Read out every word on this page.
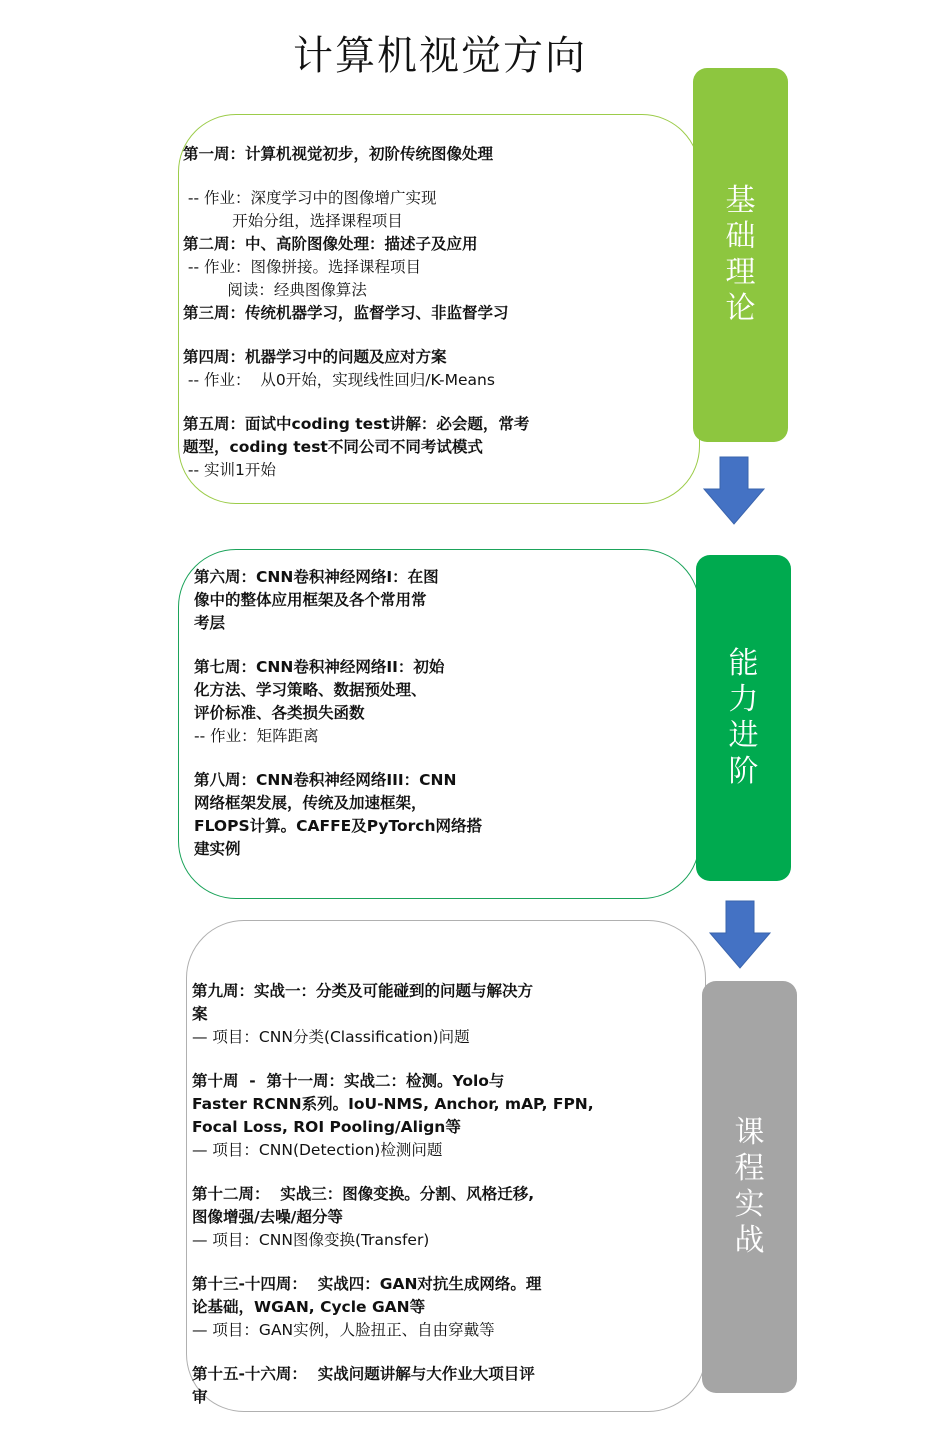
计算机视觉方向
第一周：计算机视觉初步，初阶传统图像处理
-- 作业：深度学习中的图像增广实现
开始分组，选择课程项目
第二周：中、高阶图像处理：描述子及应用
-- 作业：图像拼接。选择课程项目
阅读：经典图像算法
第三周：传统机器学习，监督学习、非监督学习
第四周：机器学习中的问题及应对方案
-- 作业：  从0开始，实现线性回归/K-Means
第五周：面试中coding test讲解：必会题，常考
题型，coding test不同公司不同考试模式
-- 实训1开始
第六周：CNN卷积神经网络I：在图
像中的整体应用框架及各个常用常
考层
第七周：CNN卷积神经网络II：初始
化方法、学习策略、数据预处理、
评价标准、各类损失函数
-- 作业：矩阵距离
第八周：CNN卷积神经网络III：CNN
网络框架发展，传统及加速框架，
FLOPS计算。CAFFE及PyTorch网络搭
建实例
第九周：实战一：分类及可能碰到的问题与解决方
案
— 项目：CNN分类(Classification)问题
第十周  -  第十一周：实战二：检测。Yolo与
Faster RCNN系列。IoU-NMS, Anchor, mAP, FPN,
Focal Loss, ROI Pooling/Align等
— 项目：CNN(Detection)检测问题
第十二周：  实战三：图像变换。分割、风格迁移,
图像增强/去噪/超分等
— 项目：CNN图像变换(Transfer)
第十三-十四周：  实战四：GAN对抗生成网络。理
论基础，WGAN, Cycle GAN等
— 项目：GAN实例，人脸扭正、自由穿戴等
第十五-十六周：  实战问题讲解与大作业大项目评
审
基础理论
能力进阶
课程实战
